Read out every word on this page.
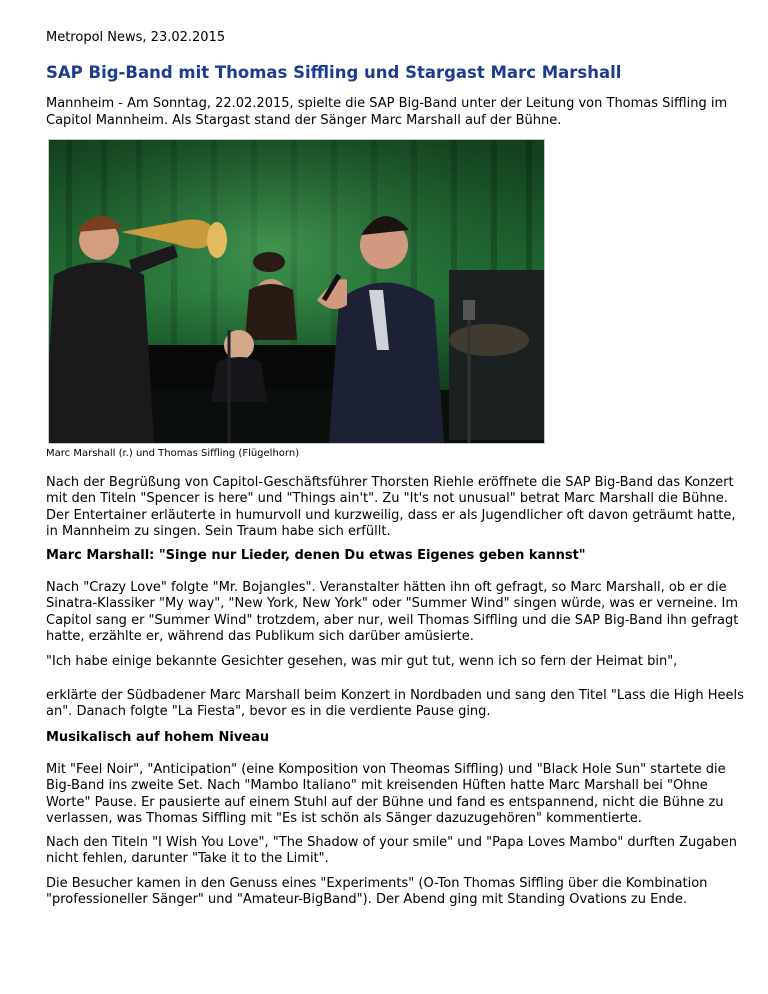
Metropol News, 23.02.2015
SAP Big-Band mit Thomas Siffling und Stargast Marc Marshall

Mannheim - Am Sonntag, 22.02.2015, spielte die SAP Big-Band unter der Leitung von Thomas Siffling im Capitol Mannheim. Als Stargast stand der Sänger Marc Marshall auf der Bühne.

Marc Marshall (r.) und Thomas Siffling (Flügelhorn)

Nach der Begrüßung von Capitol-Geschäftsführer Thorsten Riehle eröffnete die SAP Big-Band das Konzert mit den Titeln "Spencer is here" und "Things ain't". Zu "It's not unusual" betrat Marc Marshall die Bühne. Der Entertainer erläuterte in humurvoll und kurzweilig, dass er als Jugendlicher oft davon geträumt hatte, in Mannheim zu singen. Sein Traum habe sich erfüllt.

Marc Marshall: "Singe nur Lieder, denen Du etwas Eigenes geben kannst"

Nach "Crazy Love" folgte "Mr. Bojangles". Veranstalter hätten ihn oft gefragt, so Marc Marshall, ob er die Sinatra-Klassiker "My way", "New York, New York" oder "Summer Wind" singen würde, was er verneine. Im Capitol sang er "Summer Wind" trotzdem, aber nur, weil Thomas Siffling und die SAP Big-Band ihn gefragt hatte, erzählte er, während das Publikum sich darüber amüsierte.

"Ich habe einige bekannte Gesichter gesehen, was mir gut tut, wenn ich so fern der Heimat bin",

erklärte der Südbadener Marc Marshall beim Konzert in Nordbaden und sang den Titel "Lass die High Heels an". Danach folgte "La Fiesta", bevor es in die verdiente Pause ging.

Musikalisch auf hohem Niveau

Mit "Feel Noir", "Anticipation" (eine Komposition von Theomas Siffling) und "Black Hole Sun" startete die Big-Band ins zweite Set. Nach "Mambo Italiano" mit kreisenden Hüften hatte Marc Marshall bei "Ohne Worte" Pause. Er pausierte auf einem Stuhl auf der Bühne und fand es entspannend, nicht die Bühne zu verlassen, was Thomas Siffling mit "Es ist schön als Sänger dazuzugehören" kommentierte.

Nach den Titeln "I Wish You Love", "The Shadow of your smile" und "Papa Loves Mambo" durften Zugaben nicht fehlen, darunter "Take it to the Limit".

Die Besucher kamen in den Genuss eines "Experiments" (O-Ton Thomas Siffling über die Kombination "professioneller Sänger" und "Amateur-BigBand"). Der Abend ging mit Standing Ovations zu Ende.
